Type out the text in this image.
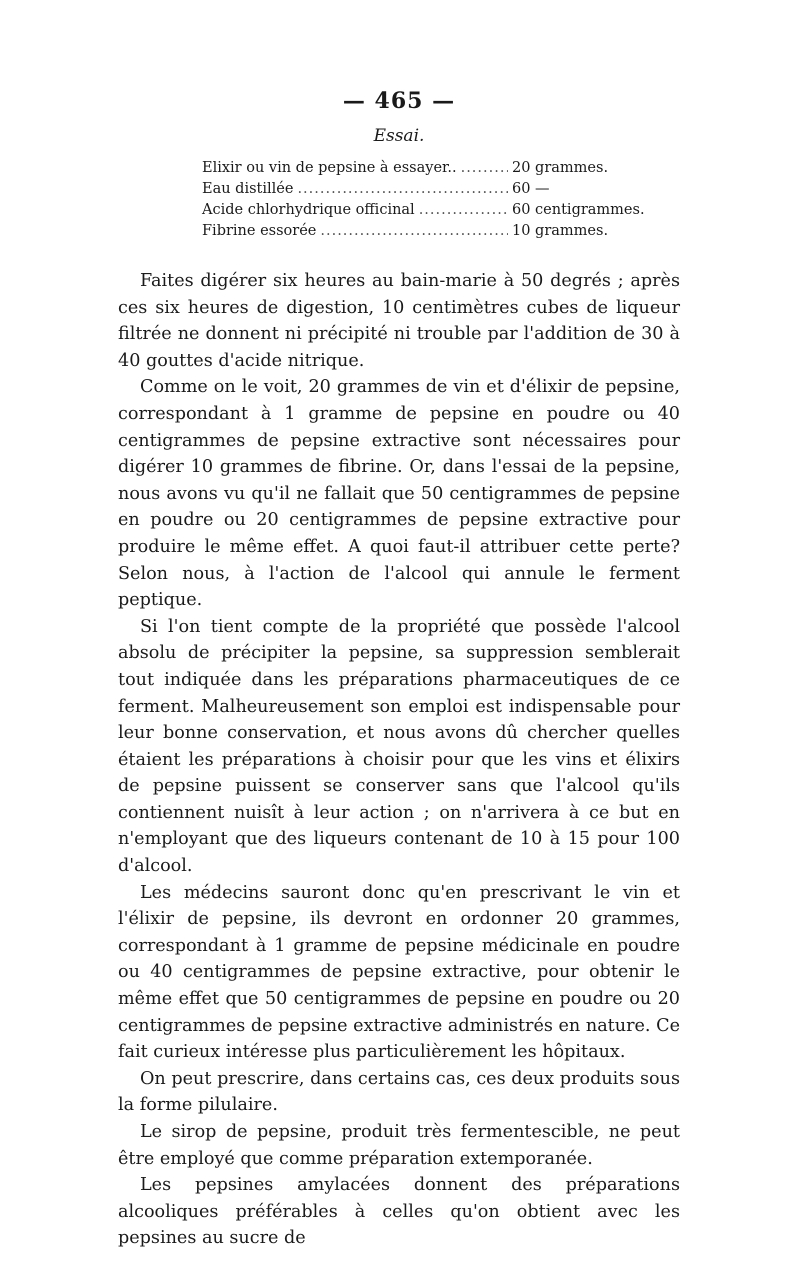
— 465 —
Essai.
Elixir ou vin de pepsine à essayer.. .....	20 grammes.
Eau distillée .....	60 —
Acide chlorhydrique officinal .....	60 centigrammes.
Fibrine essorée .....	10 grammes.

Faites digérer six heures au bain-marie à 50 degrés ; après ces six heures de digestion, 10 centimètres cubes de liqueur filtrée ne donnent ni précipité ni trouble par l'addition de 30 à 40 gouttes d'acide nitrique.

Comme on le voit, 20 grammes de vin et d'élixir de pepsine, correspondant à 1 gramme de pepsine en poudre ou 40 centigrammes de pepsine extractive sont nécessaires pour digérer 10 grammes de fibrine. Or, dans l'essai de la pepsine, nous avons vu qu'il ne fallait que 50 centigrammes de pepsine en poudre ou 20 centigrammes de pepsine extractive pour produire le même effet. A quoi faut-il attribuer cette perte? Selon nous, à l'action de l'alcool qui annule le ferment peptique.

Si l'on tient compte de la propriété que possède l'alcool absolu de précipiter la pepsine, sa suppression semblerait tout indiquée dans les préparations pharmaceutiques de ce ferment. Malheureusement son emploi est indispensable pour leur bonne conservation, et nous avons dû chercher quelles étaient les préparations à choisir pour que les vins et élixirs de pepsine puissent se conserver sans que l'alcool qu'ils contiennent nuisît à leur action ; on n'arrivera à ce but en n'employant que des liqueurs contenant de 10 à 15 pour 100 d'alcool.

Les médecins sauront donc qu'en prescrivant le vin et l'élixir de pepsine, ils devront en ordonner 20 grammes, correspondant à 1 gramme de pepsine médicinale en poudre ou 40 centigrammes de pepsine extractive, pour obtenir le même effet que 50 centigrammes de pepsine en poudre ou 20 centigrammes de pepsine extractive administrés en nature. Ce fait curieux intéresse plus particulièrement les hôpitaux.

On peut prescrire, dans certains cas, ces deux produits sous la forme pilulaire.

Le sirop de pepsine, produit très fermentescible, ne peut être employé que comme préparation extemporanée.

Les pepsines amylacées donnent des préparations alcooliques préférables à celles qu'on obtient avec les pepsines au sucre de
